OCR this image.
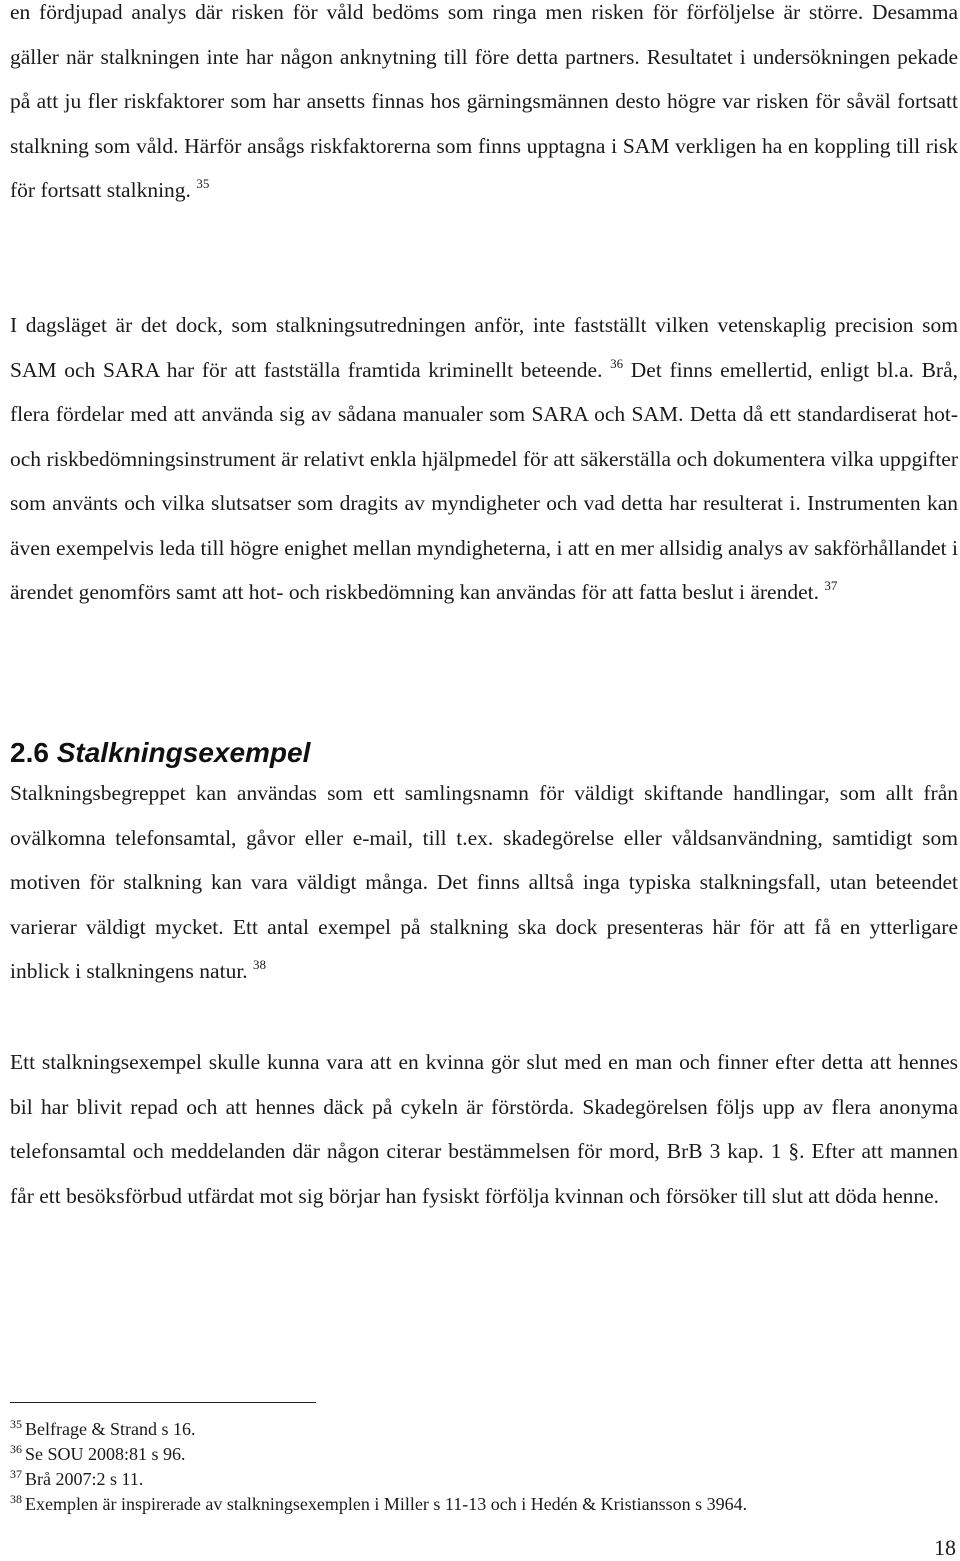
en fördjupad analys där risken för våld bedöms som ringa men risken för förföljelse är större. Desamma gäller när stalkningen inte har någon anknytning till före detta partners. Resultatet i undersökningen pekade på att ju fler riskfaktorer som har ansetts finnas hos gärningsmännen desto högre var risken för såväl fortsatt stalkning som våld. Härför ansågs riskfaktorerna som finns upptagna i SAM verkligen ha en koppling till risk för fortsatt stalkning. $^{35}$

I dagsläget är det dock, som stalkningsutredningen anför, inte fastställt vilken vetenskaplig precision som SAM och SARA har för att fastställa framtida kriminellt beteende. $^{36}$ Det finns emellertid, enligt bl.a. Brå, flera fördelar med att använda sig av sådana manualer som SARA och SAM. Detta då ett standardiserat hot- och riskbedömningsinstrument är relativt enkla hjälpmedel för att säkerställa och dokumentera vilka uppgifter som använts och vilka slutsatser som dragits av myndigheter och vad detta har resulterat i. Instrumenten kan även exempelvis leda till högre enighet mellan myndigheterna, i att en mer allsidig analys av sakförhållandet i ärendet genomförs samt att hot- och riskbedömning kan användas för att fatta beslut i ärendet. $^{37}$

2.6 Stalkningsexempel

Stalkningsbegreppet kan användas som ett samlingsnamn för väldigt skiftande handlingar, som allt från ovälkomna telefonsamtal, gåvor eller e-mail, till t.ex. skadegörelse eller våldsanvändning, samtidigt som motiven för stalkning kan vara väldigt många. Det finns alltså inga typiska stalkningsfall, utan beteendet varierar väldigt mycket. Ett antal exempel på stalkning ska dock presenteras här för att få en ytterligare inblick i stalkningens natur. $^{38}$

Ett stalkningsexempel skulle kunna vara att en kvinna gör slut med en man och finner efter detta att hennes bil har blivit repad och att hennes däck på cykeln är förstörda. Skadegörelsen följs upp av flera anonyma telefonsamtal och meddelanden där någon citerar bestämmelsen för mord, BrB 3 kap. 1 §. Efter att mannen får ett besöksförbud utfärdat mot sig börjar han fysiskt förfölja kvinnan och försöker till slut att döda henne.

$^{35}$ Belfrage & Strand s 16.

$^{36}$ Se SOU 2008:81 s 96.

$^{37}$ Brå 2007:2 s 11.

$^{38}$ Exemplen är inspirerade av stalkningsexemplen i Miller s 11-13 och i Hedén & Kristiansson s 3964.

18
